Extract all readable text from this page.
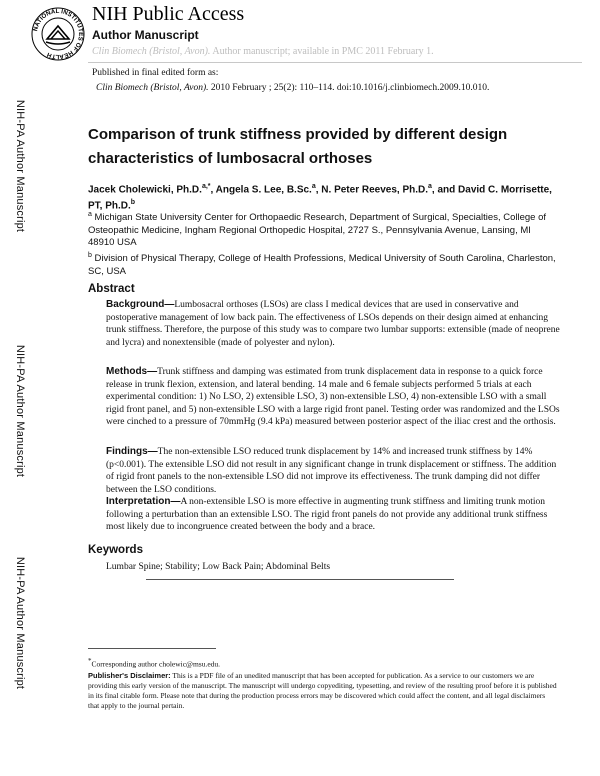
NATIONAL INSTITUTES OF HEALTH
NIH Public Access
Author Manuscript
Clin Biomech (Bristol, Avon). Author manuscript; available in PMC 2011 February 1.
Published in final edited form as:
Clin Biomech (Bristol, Avon). 2010 February ; 25(2): 110–114. doi:10.1016/j.clinbiomech.2009.10.010.
NIH-PA Author Manuscript
NIH-PA Author Manuscript
NIH-PA Author Manuscript
Comparison of trunk stiffness provided by different design characteristics of lumbosacral orthoses
Jacek Cholewicki, Ph.D.$^{a,*}$, Angela S. Lee, B.Sc.$^a$, N. Peter Reeves, Ph.D.$^a$, and David C. Morrisette, PT, Ph.D.$^b$
$^a$ Michigan State University Center for Orthopaedic Research, Department of Surgical, Specialties, College of Osteopathic Medicine, Ingham Regional Orthopedic Hospital, 2727 S., Pennsylvania Avenue, Lansing, MI 48910 USA
$^b$ Division of Physical Therapy, College of Health Professions, Medical University of South Carolina, Charleston, SC, USA
Abstract
Background—Lumbosacral orthoses (LSOs) are class I medical devices that are used in conservative and postoperative management of low back pain. The effectiveness of LSOs depends on their design aimed at enhancing trunk stiffness. Therefore, the purpose of this study was to compare two lumbar supports: extensible (made of neoprene and lycra) and nonextensible (made of polyester and nylon).
Methods—Trunk stiffness and damping was estimated from trunk displacement data in response to a quick force release in trunk flexion, extension, and lateral bending. 14 male and 6 female subjects performed 5 trials at each experimental condition: 1) No LSO, 2) extensible LSO, 3) non-extensible LSO, 4) non-extensible LSO with a small rigid front panel, and 5) non-extensible LSO with a large rigid front panel. Testing order was randomized and the LSOs were cinched to a pressure of 70mmHg (9.4 kPa) measured between posterior aspect of the iliac crest and the orthosis.
Findings—The non-extensible LSO reduced trunk displacement by 14% and increased trunk stiffness by 14% (p<0.001). The extensible LSO did not result in any significant change in trunk displacement or stiffness. The addition of rigid front panels to the non-extensible LSO did not improve its effectiveness. The trunk damping did not differ between the LSO conditions.
Interpretation—A non-extensible LSO is more effective in augmenting trunk stiffness and limiting trunk motion following a perturbation than an extensible LSO. The rigid front panels do not provide any additional trunk stiffness most likely due to incongruence created between the body and a brace.
Keywords
Lumbar Spine; Stability; Low Back Pain; Abdominal Belts
*Corresponding author cholewic@msu.edu.
Publisher's Disclaimer: This is a PDF file of an unedited manuscript that has been accepted for publication. As a service to our customers we are providing this early version of the manuscript. The manuscript will undergo copyediting, typesetting, and review of the resulting proof before it is published in its final citable form. Please note that during the production process errors may be discovered which could affect the content, and all legal disclaimers that apply to the journal pertain.
